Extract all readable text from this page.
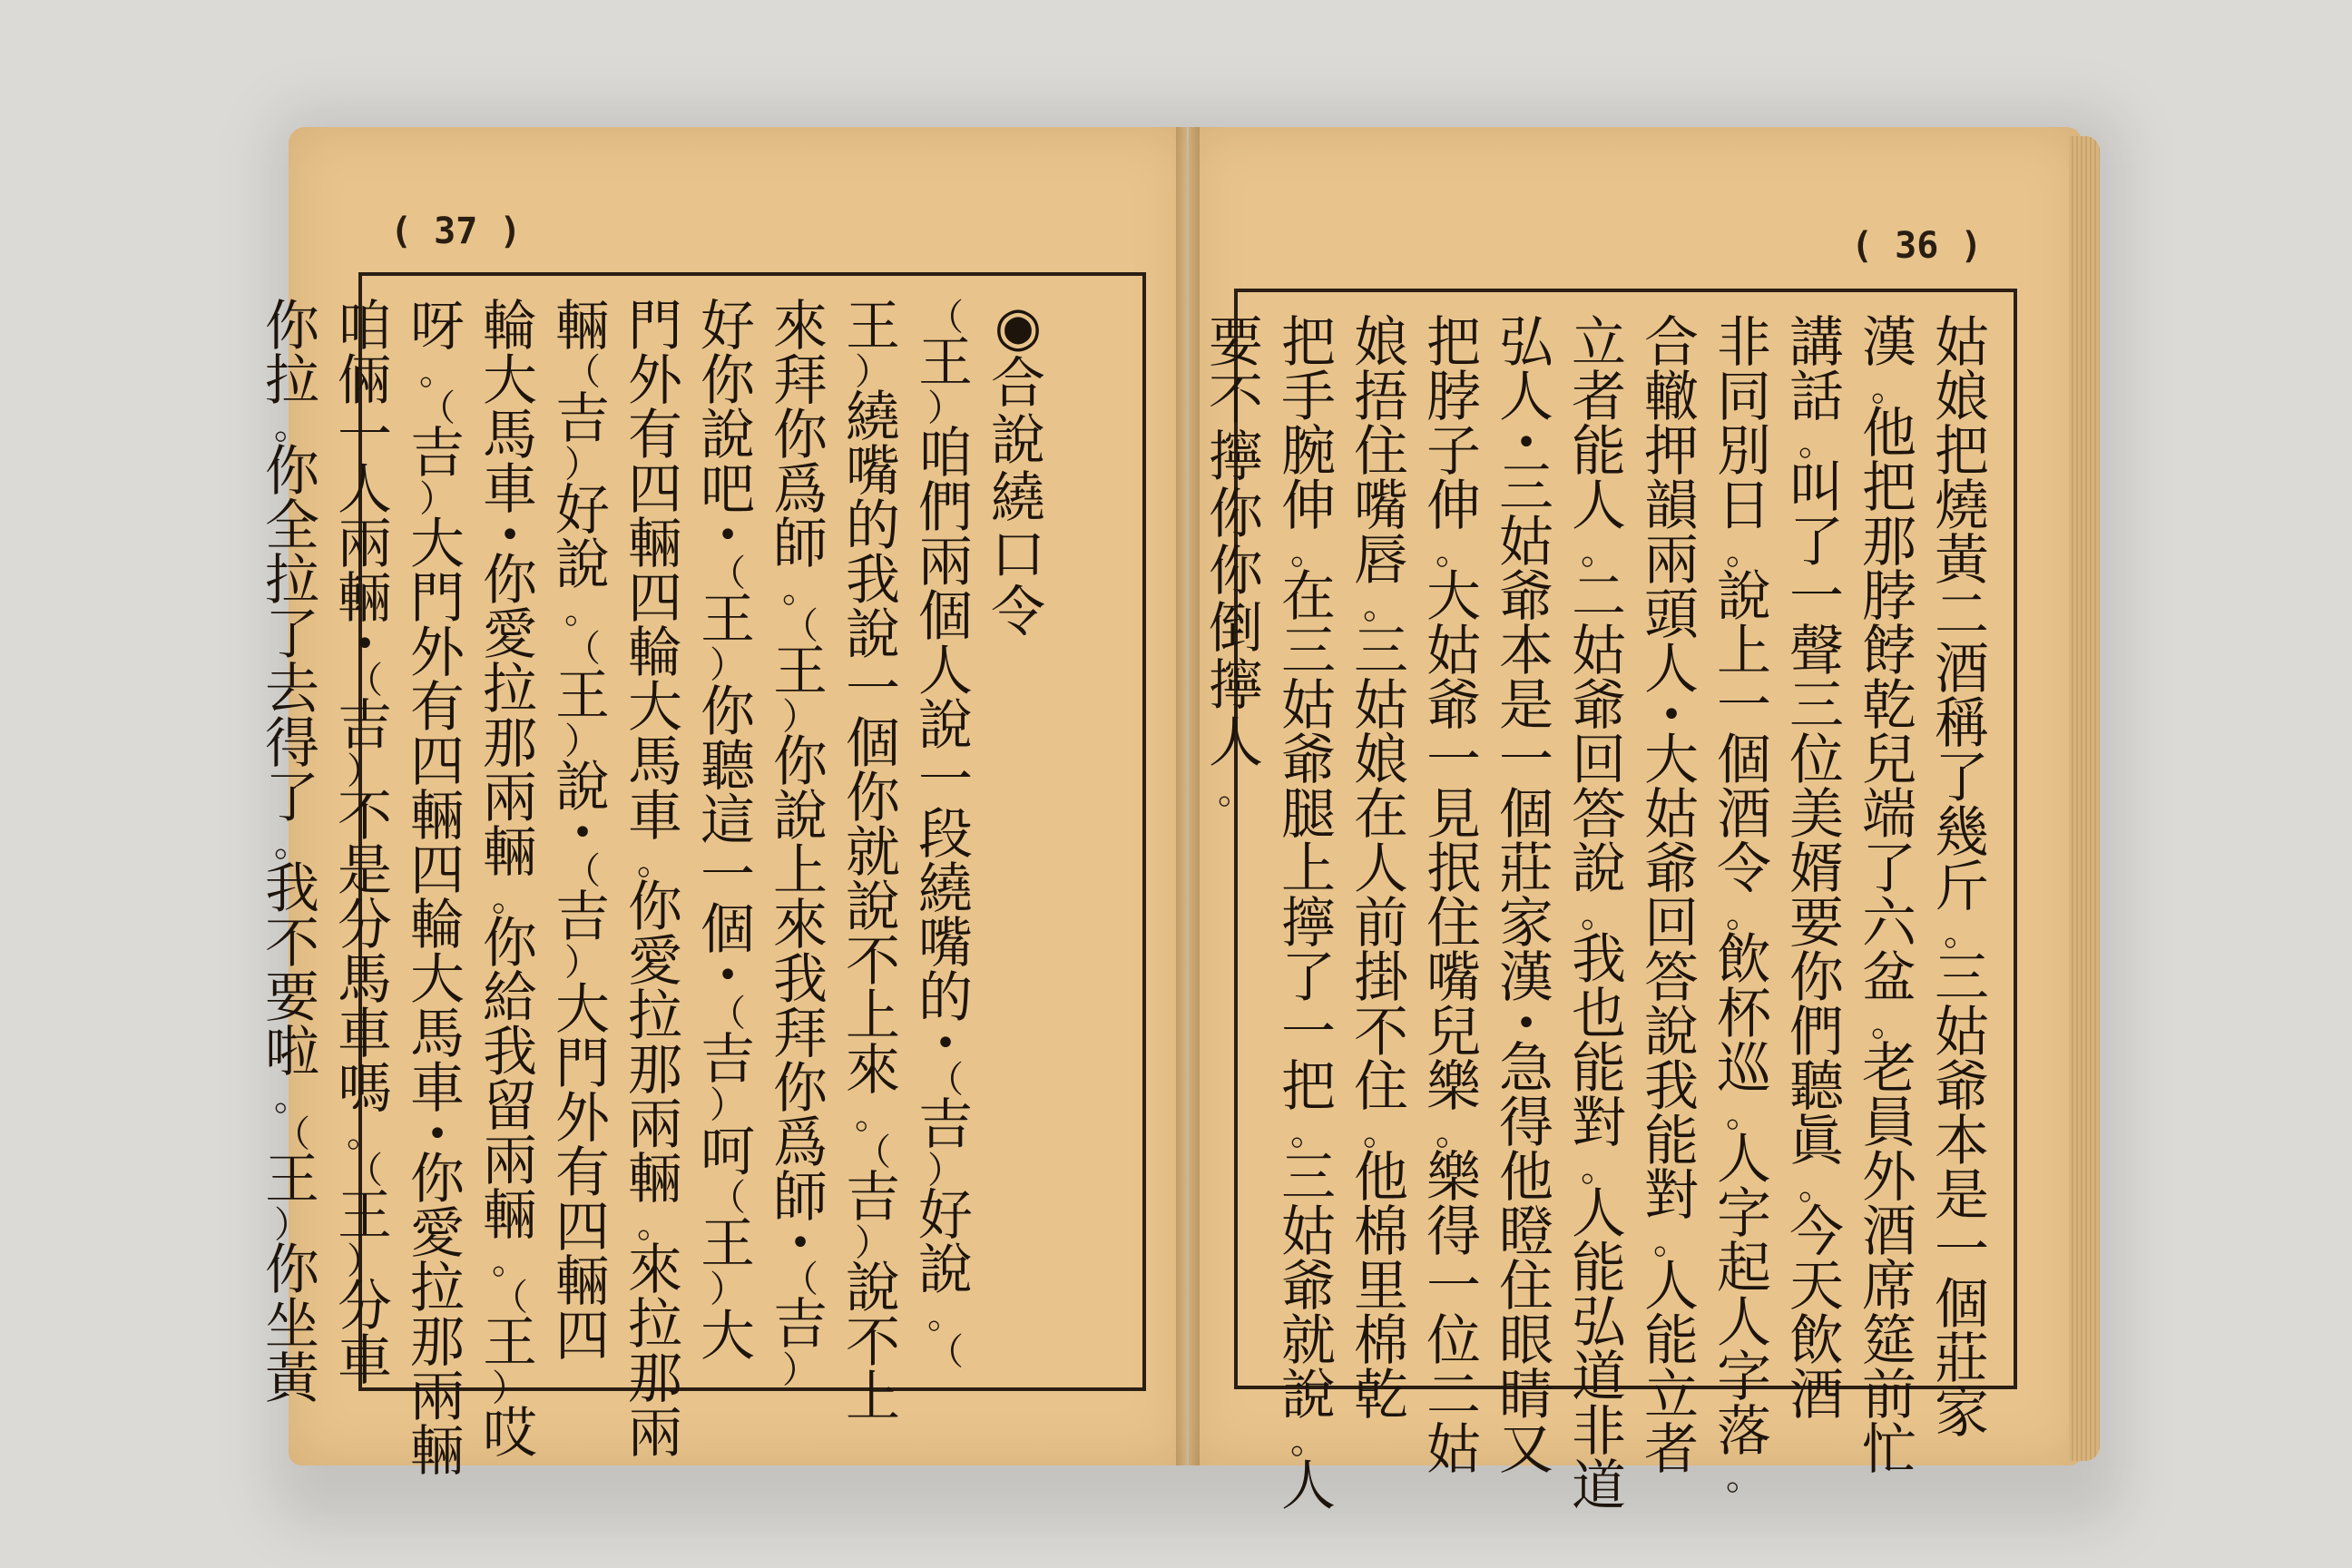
( 37 )	( 36 )
◉
合
說
繞
口
令
（
王
）
咱
們
兩
個
人
說
一
段
繞
嘴
的
•
（
吉
）
好
說
。
（
王
）
繞
嘴
的
我
說
一
個
你
就
說
不
上
來
。
（
吉
）
說
不
上
來
拜
你
爲
師
。
（
王
）
你
說
上
來
我
拜
你
爲
師
•
（
吉
）
好
你
說
吧
•
（
王
）
你
聽
這
一
個
•
（
吉
）
呵
（
王
）
大
門
外
有
四
輛
四
輪
大
馬
車
。
你
愛
拉
那
兩
輛
。
來
拉
那
兩
輛
（
吉
）
好
說
。
（
王
）
說
•
（
吉
）
大
門
外
有
四
輛
四
輪
大
馬
車
•
你
愛
拉
那
兩
輛
。
你
給
我
留
兩
輛
。
（
王
）
哎
呀
。
（
吉
）
大
門
外
有
四
輛
四
輪
大
馬
車
•
你
愛
拉
那
兩
輛
咱
倆
一
人
兩
輛
•
（
吉
）
不
是
分
馬
車
嗎
。
（
王
）
分
車
你
拉
。
你
全
拉
了
去
得
了
。
我
不
要
啦
。
（
王
）
你
坐
黃
姑
娘
把
燒
黃
二
酒
稱
了
幾
斤
。
三
姑
爺
本
是
一
個
莊
家
漢
。
他
把
那
脖
餑
乾
兒
端
了
六
盆
。
老
員
外
酒
席
筵
前
忙
講
話
。
叫
了
一
聲
三
位
美
婿
要
你
們
聽
眞
。
今
天
飲
酒
非
同
別
日
。
說
上
一
個
酒
令
。
飲
杯
巡
。
人
字
起
人
字
落
。
合
轍
押
韻
兩
頭
人
•
大
姑
爺
回
答
說
我
能
對
。
人
能
立
者
立
者
能
人
。
二
姑
爺
回
答
說
。
我
也
能
對
。
人
能
弘
道
非
道
弘
人
•
三
姑
爺
本
是
一
個
莊
家
漢
•
急
得
他
瞪
住
眼
睛
又
把
脖
子
伸
。
大
姑
爺
一
見
抿
住
嘴
兒
樂
。
樂
得
一
位
二
姑
娘
捂
住
嘴
唇
。
三
姑
娘
在
人
前
掛
不
住
。
他
棉
里
棉
乾
把
手
腕
伸
。
在
三
姑
爺
腿
上
擰
了
一
把
。
三
姑
爺
就
說
。
人
要
不
擰
你
你
倒
擰
人
。
